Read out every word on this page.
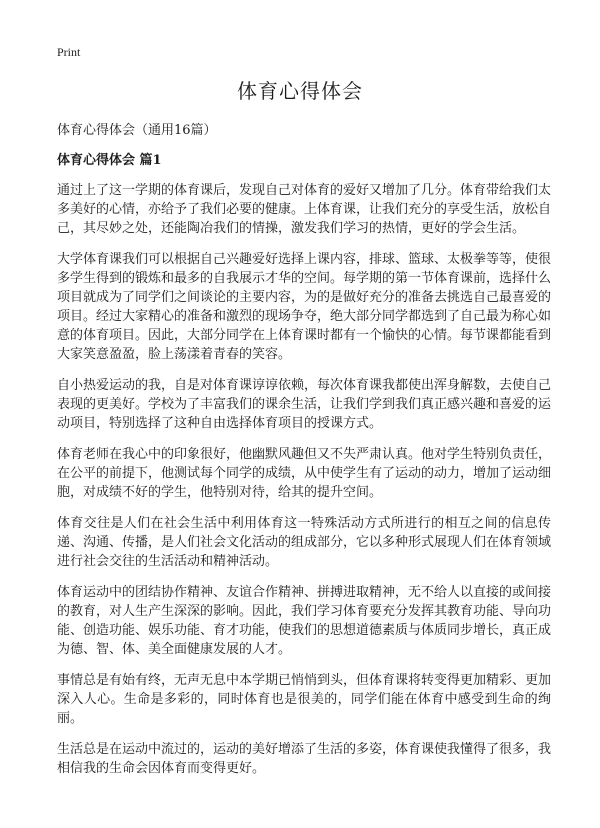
Print
体育心得体会
体育心得体会（通用16篇）
体育心得体会 篇1

通过上了这一学期的体育课后，发现自己对体育的爱好又增加了几分。体育带给我们太多美好的心情，亦给予了我们必要的健康。上体育课，让我们充分的享受生活，放松自己，其尽妙之处，还能陶冶我们的情操，激发我们学习的热情，更好的学会生活。

大学体育课我们可以根据自己兴趣爱好选择上课内容，排球、篮球、太极拳等等，使很多学生得到的锻炼和最多的自我展示才华的空间。每学期的第一节体育课前，选择什么项目就成为了同学们之间谈论的主要内容，为的是做好充分的准备去挑选自己最喜爱的项目。经过大家精心的准备和激烈的现场争夺，绝大部分同学都选到了自己最为称心如意的体育项目。因此，大部分同学在上体育课时都有一个愉快的心情。每节课都能看到大家笑意盈盈，脸上荡漾着青春的笑容。

自小热爱运动的我，自是对体育课谆谆依赖，每次体育课我都使出浑身解数，去使自己表现的更美好。学校为了丰富我们的课余生活，让我们学到我们真正感兴趣和喜爱的运动项目，特别选择了这种自由选择体育项目的授课方式。

体育老师在我心中的印象很好，他幽默风趣但又不失严肃认真。他对学生特别负责任，在公平的前提下，他测试每个同学的成绩，从中使学生有了运动的动力，增加了运动细胞，对成绩不好的学生，他特别对待，给其的提升空间。

体育交往是人们在社会生活中利用体育这一特殊活动方式所进行的相互之间的信息传递、沟通、传播，是人们社会文化活动的组成部分，它以多种形式展现人们在体育领域进行社会交往的生活活动和精神活动。

体育运动中的团结协作精神、友谊合作精神、拼搏进取精神，无不给人以直接的或间接的教育，对人生产生深深的影响。因此，我们学习体育要充分发挥其教育功能、导向功能、创造功能、娱乐功能、育才功能，使我们的思想道德素质与体质同步增长，真正成为德、智、体、美全面健康发展的人才。

事情总是有始有终，无声无息中本学期已悄悄到头，但体育课将转变得更加精彩、更加深入人心。生命是多彩的，同时体育也是很美的，同学们能在体育中感受到生命的绚丽。

生活总是在运动中流过的，运动的美好增添了生活的多姿，体育课使我懂得了很多，我相信我的生命会因体育而变得更好。
